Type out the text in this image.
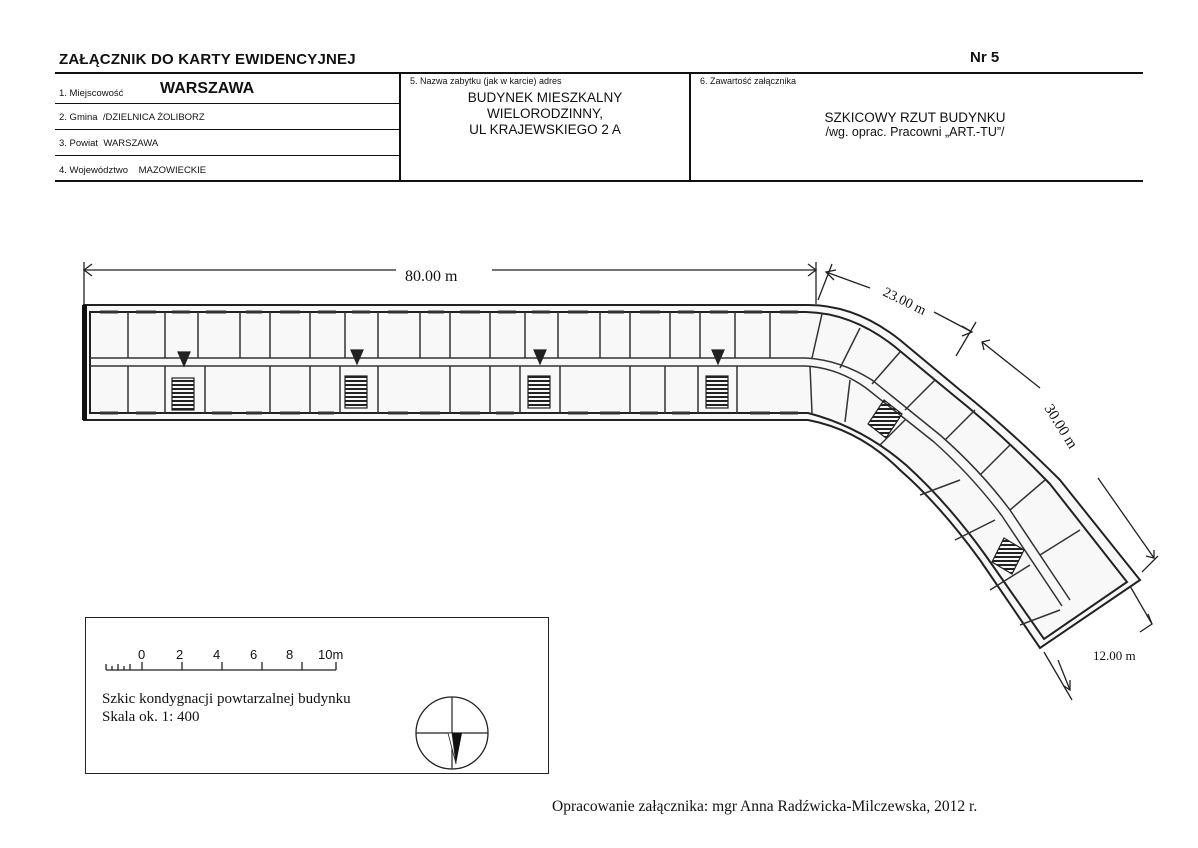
ZAŁĄCZNIK DO KARTY EWIDENCYJNEJ	Nr 5
1. Miejscowość WARSZAWA
2. Gmina /DZIELNICA ŻOLIBORZ
3. Powiat WARSZAWA
4. Województwo MAZOWIECKIE
5. Nazwa zabytku (jak w karcie) adres
BUDYNEK MIESZKALNY
WIELORODZINNY,
UL KRAJEWSKIEGO 2 A
6. Zawartość załącznika
SZKICOWY RZUT BUDYNKU
/wg. oprac. Pracowni „ART.-TU”/
80.00 m
23.00 m
30.00 m
12.00 m
0 2 4 6 8 10m
Szkic kondygnacji powtarzalnej budynku
Skala ok. 1: 400
Opracowanie załącznika: mgr Anna Radźwicka-Milczewska, 2012 r.
